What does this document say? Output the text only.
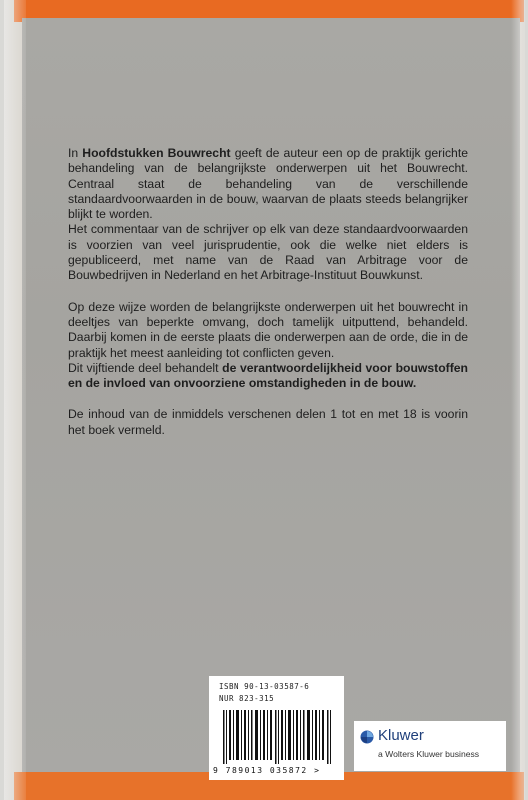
In Hoofdstukken Bouwrecht geeft de auteur een op de praktijk gerichte behandeling van de belangrijkste onderwerpen uit het Bouwrecht. Centraal staat de behandeling van de verschillende standaardvoorwaarden in de bouw, waarvan de plaats steeds belangrijker blijkt te worden.

Het commentaar van de schrijver op elk van deze standaardvoorwaarden is voorzien van veel jurisprudentie, ook die welke niet elders is gepubliceerd, met name van de Raad van Arbitrage voor de Bouwbedrijven in Nederland en het Arbitrage-Instituut Bouwkunst.

Op deze wijze worden de belangrijkste onderwerpen uit het bouwrecht in deeltjes van beperkte omvang, doch tamelijk uitputtend, behandeld. Daarbij komen in de eerste plaats die onderwerpen aan de orde, die in de praktijk het meest aanleiding tot conflicten geven.

Dit vijftiende deel behandelt de verantwoordelijkheid voor bouwstoffen en de invloed van onvoorziene omstandigheden in de bouw.

De inhoud van de inmiddels verschenen delen 1 tot en met 18 is voorin het boek vermeld.

ISBN 90-13-03587-6
NUR 823-315
9 789013 035872 >
Kluwer
a Wolters Kluwer business
